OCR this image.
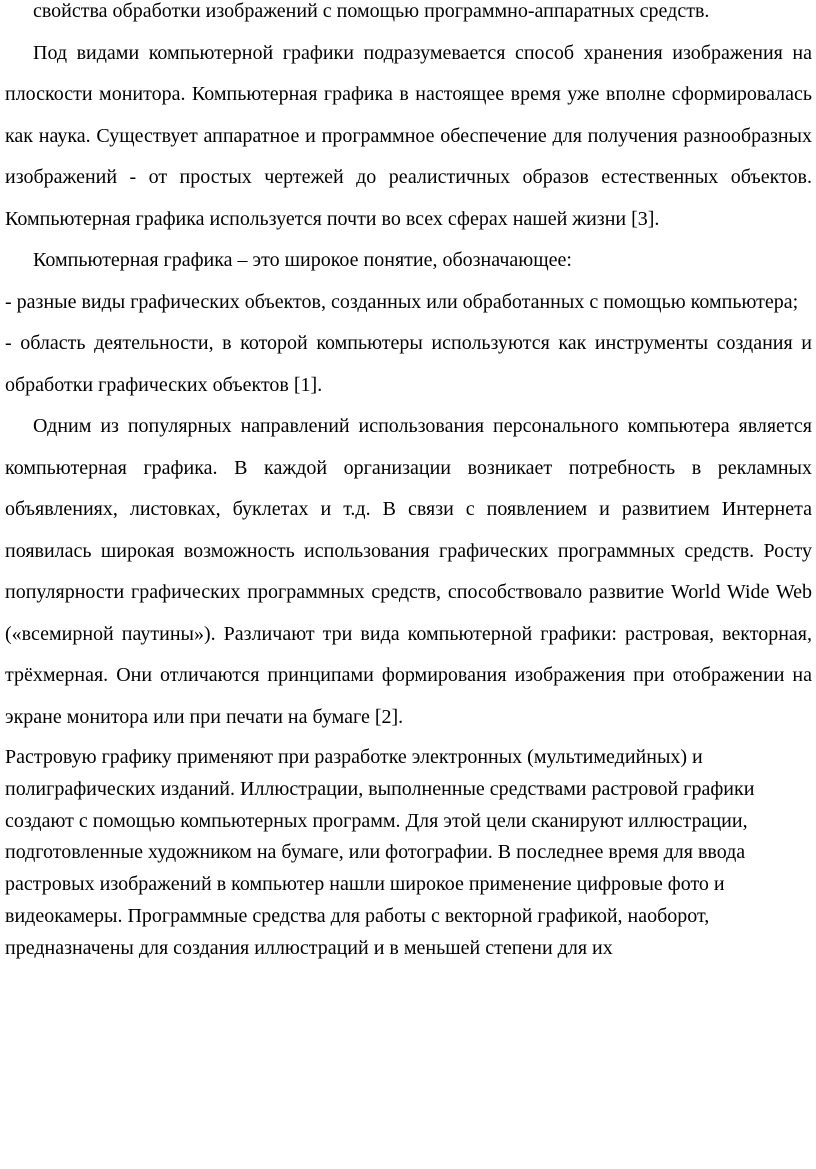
свойства обработки изображений с помощью программно-аппаратных средств.

Под видами компьютерной графики подразумевается способ хранения изображения на плоскости монитора. Компьютерная графика в настоящее время уже вполне сформировалась как наука. Существует аппаратное и программное обеспечение для получения разнообразных изображений - от простых чертежей до реалистичных образов естественных объектов. Компьютерная графика используется почти во всех сферах нашей жизни [3].

Компьютерная графика – это широкое понятие, обозначающее:

- разные виды графических объектов, созданных или обработанных с помощью компьютера;

- область деятельности, в которой компьютеры используются как инструменты создания и обработки графических объектов [1].

Одним из популярных направлений использования персонального компьютера является компьютерная графика. В каждой организации возникает потребность в рекламных объявлениях, листовках, буклетах и т.д. В связи с появлением и развитием Интернета появилась широкая возможность использования графических программных средств. Росту популярности графических программных средств, способствовало развитие World Wide Web («всемирной паутины»). Различают три вида компьютерной графики: растровая, векторная, трёхмерная. Они отличаются принципами формирования изображения при отображении на экране монитора или при печати на бумаге [2].

Растровую графику применяют при разработке электронных (мультимедийных) и полиграфических изданий. Иллюстрации, выполненные средствами растровой графики создают с помощью компьютерных программ. Для этой цели сканируют иллюстрации, подготовленные художником на бумаге, или фотографии. В последнее время для ввода растровых изображений в компьютер нашли широкое применение цифровые фото и видеокамеры. Программные средства для работы с векторной графикой, наоборот, предназначены для создания иллюстраций и в меньшей степени для их
